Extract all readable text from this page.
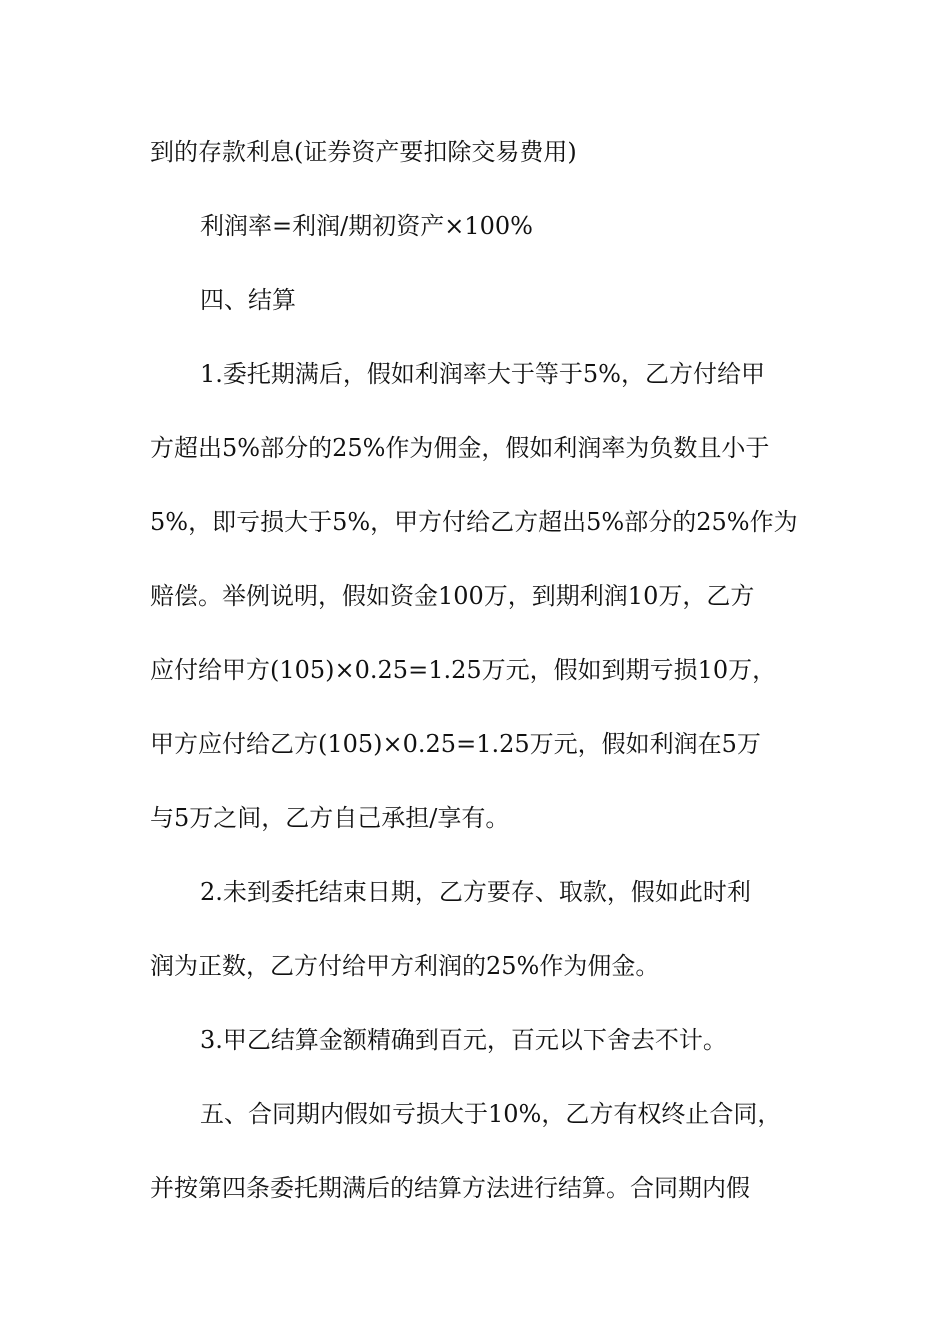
到的存款利息(证券资产要扣除交易费用)
利润率=利润/期初资产×100%
四、结算
1.委托期满后，假如利润率大于等于5%，乙方付给甲
方超出5%部分的25%作为佣金，假如利润率为负数且小于
5%，即亏损大于5%，甲方付给乙方超出5%部分的25%作为
赔偿。举例说明，假如资金100万，到期利润10万，乙方
应付给甲方(105)×0.25=1.25万元，假如到期亏损10万，
甲方应付给乙方(105)×0.25=1.25万元，假如利润在5万
与5万之间，乙方自己承担/享有。
2.未到委托结束日期，乙方要存、取款，假如此时利
润为正数，乙方付给甲方利润的25%作为佣金。
3.甲乙结算金额精确到百元，百元以下舍去不计。
五、合同期内假如亏损大于10%，乙方有权终止合同，
并按第四条委托期满后的结算方法进行结算。合同期内假
